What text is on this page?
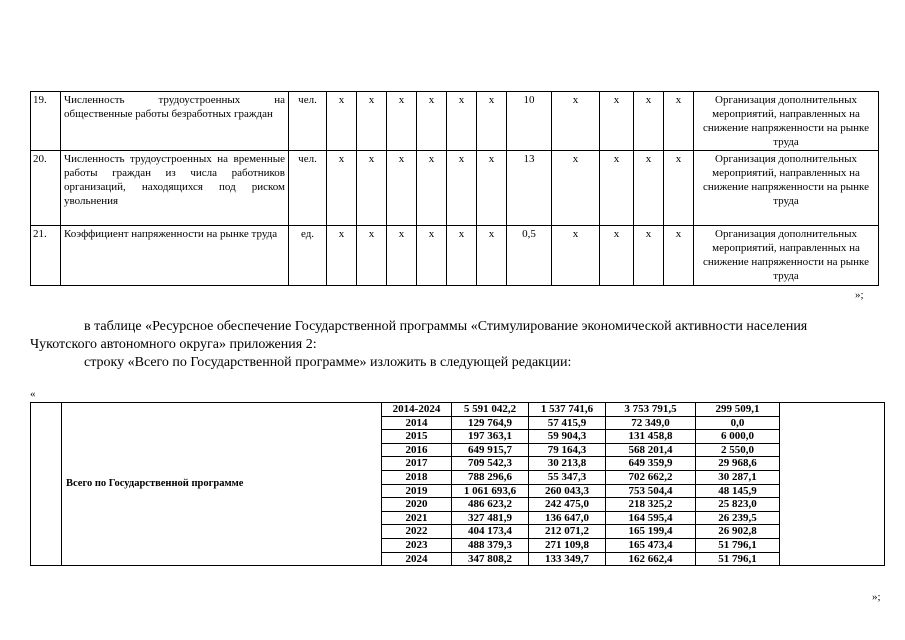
19.	Численность трудоустроенных на общественные работы безработных граждан	чел.	х	х	х	х	х	х	10	х	х	х	х	Организация дополнительных мероприятий, направленных на снижение напряженности на рынке труда
20.	Численность трудоустроенных на временные работы граждан из числа работников организаций, находящихся под риском увольнения	чел.	х	х	х	х	х	х	13	х	х	х	х	Организация дополнительных мероприятий, направленных на снижение напряженности на рынке труда
21.	Коэффициент напряженности на рынке труда	ед.	х	х	х	х	х	х	0,5	х	х	х	х	Организация дополнительных мероприятий, направленных на снижение напряженности на рынке труда
»;
в таблице «Ресурсное обеспечение Государственной программы «Стимулирование экономической активности населения
Чукотского автономного округа» приложения 2:
строку «Всего по Государственной программе» изложить в следующей редакции:
«
	Всего по Государственной программе	2014-2024	5 591 042,2	1 537 741,6	3 753 791,5	299 509,1	
		2014	129 764,9	57 415,9	72 349,0	0,0	
		2015	197 363,1	59 904,3	131 458,8	6 000,0	
		2016	649 915,7	79 164,3	568 201,4	2 550,0	
		2017	709 542,3	30 213,8	649 359,9	29 968,6	
		2018	788 296,6	55 347,3	702 662,2	30 287,1	
		2019	1 061 693,6	260 043,3	753 504,4	48 145,9	
		2020	486 623,2	242 475,0	218 325,2	25 823,0	
		2021	327 481,9	136 647,0	164 595,4	26 239,5	
		2022	404 173,4	212 071,2	165 199,4	26 902,8	
		2023	488 379,3	271 109,8	165 473,4	51 796,1	
		2024	347 808,2	133 349,7	162 662,4	51 796,1	
»;
